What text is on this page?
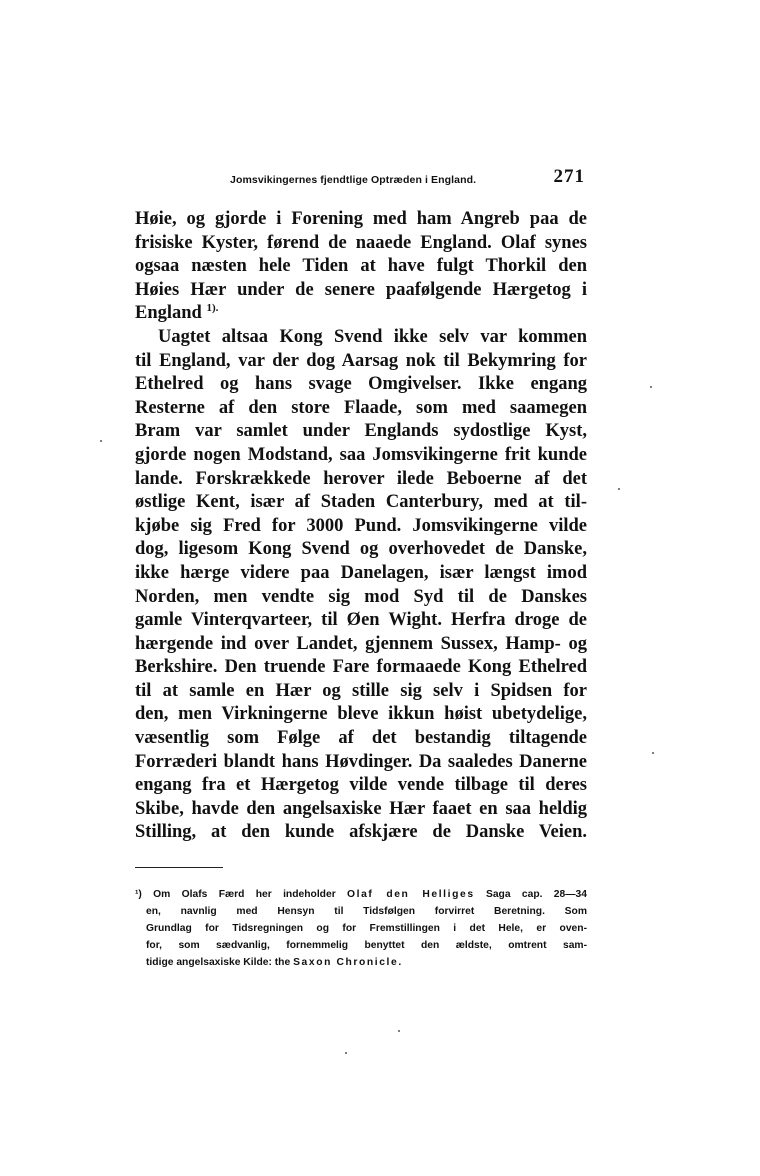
Jomsvikingernes fjendtlige Optræden i England.	271
Høie, og gjorde i Forening med ham Angreb paa de
frisiske Kyster, førend de naaede England. Olaf synes
ogsaa næsten hele Tiden at have fulgt Thorkil den
Høies Hær under de senere paafølgende Hærgetog i
England $^{1).}$
Uagtet altsaa Kong Svend ikke selv var kommen
til England, var der dog Aarsag nok til Bekymring for
Ethelred og hans svage Omgivelser. Ikke engang
Resterne af den store Flaade, som med saamegen
Bram var samlet under Englands sydostlige Kyst,
gjorde nogen Modstand, saa Jomsvikingerne frit kunde
lande. Forskrækkede herover ilede Beboerne af det
østlige Kent, især af Staden Canterbury, med at til-
kjøbe sig Fred for 3000 Pund. Jomsvikingerne vilde
dog, ligesom Kong Svend og overhovedet de Danske,
ikke hærge videre paa Danelagen, især længst imod
Norden, men vendte sig mod Syd til de Danskes
gamle Vinterqvarteer, til Øen Wight. Herfra droge de
hærgende ind over Landet, gjennem Sussex, Hamp- og
Berkshire. Den truende Fare formaaede Kong Ethelred
til at samle en Hær og stille sig selv i Spidsen for
den, men Virkningerne bleve ikkun høist ubetydelige,
væsentlig som Følge af det bestandig tiltagende
Forræderi blandt hans Høvdinger. Da saaledes Danerne
engang fra et Hærgetog vilde vende tilbage til deres
Skibe, havde den angelsaxiske Hær faaet en saa heldig
Stilling, at den kunde afskjære de Danske Veien.
¹) Om Olafs Færd her indeholder Olaf den Helliges Saga cap. 28—34
en, navnlig med Hensyn til Tidsfølgen forvirret Beretning. Som
Grundlag for Tidsregningen og for Fremstillingen i det Hele, er oven-
for, som sædvanlig, fornemmelig benyttet den ældste, omtrent sam-
tidige angelsaxiske Kilde: the Saxon Chronicle.
